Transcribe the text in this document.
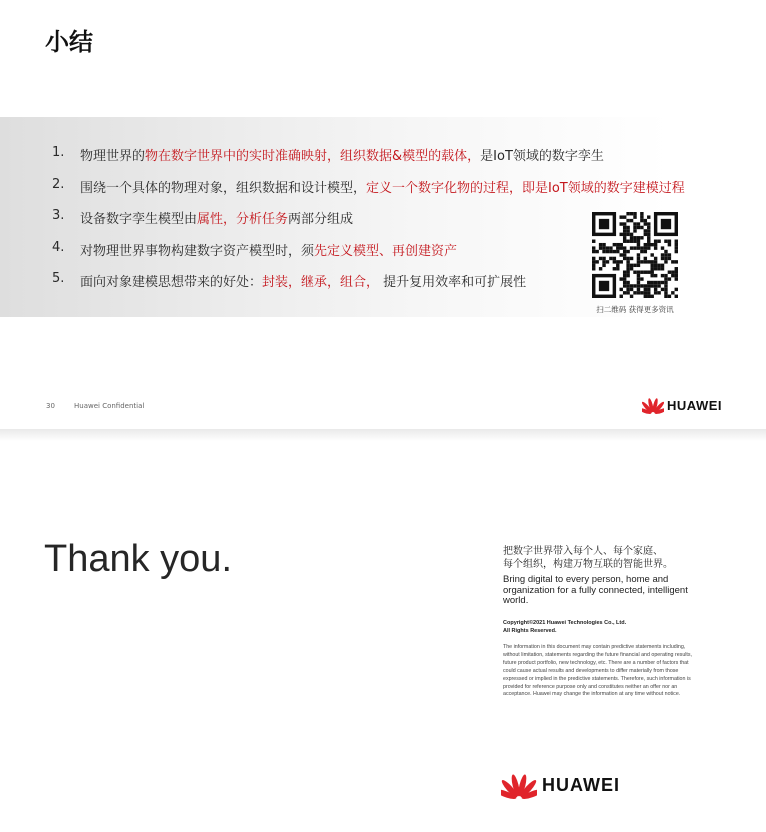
小结
1.	物理世界的物在数字世界中的实时准确映射，组织数据&模型的载体，是IoT领域的数字孪生
2.	围绕一个具体的物理对象，组织数据和设计模型，定义一个数字化物的过程，即是IoT领域的数字建模过程
3.	设备数字孪生模型由属性，分析任务两部分组成
4.	对物理世界事物构建数字资产模型时，须先定义模型、再创建资产
5.	面向对象建模思想带来的好处：封装，继承，组合， 提升复用效率和可扩展性
扫二维码 获得更多资讯
30	Huawei Confidential	HUAWEI
Thank you.	把数字世界带入每个人、每个家庭、
每个组织，构建万物互联的智能世界。
Bring digital to every person, home and organization for a fully connected, intelligent world.
Copyright©2021 Huawei Technologies Co., Ltd.
All Rights Reserved.
The information in this document may contain predictive statements including, without limitation, statements regarding the future financial and operating results, future product portfolio, new technology, etc. There are a number of factors that could cause actual results and developments to differ materially from those expressed or implied in the predictive statements. Therefore, such information is provided for reference purpose only and constitutes neither an offer nor an acceptance. Huawei may change the information at any time without notice.
HUAWEI
